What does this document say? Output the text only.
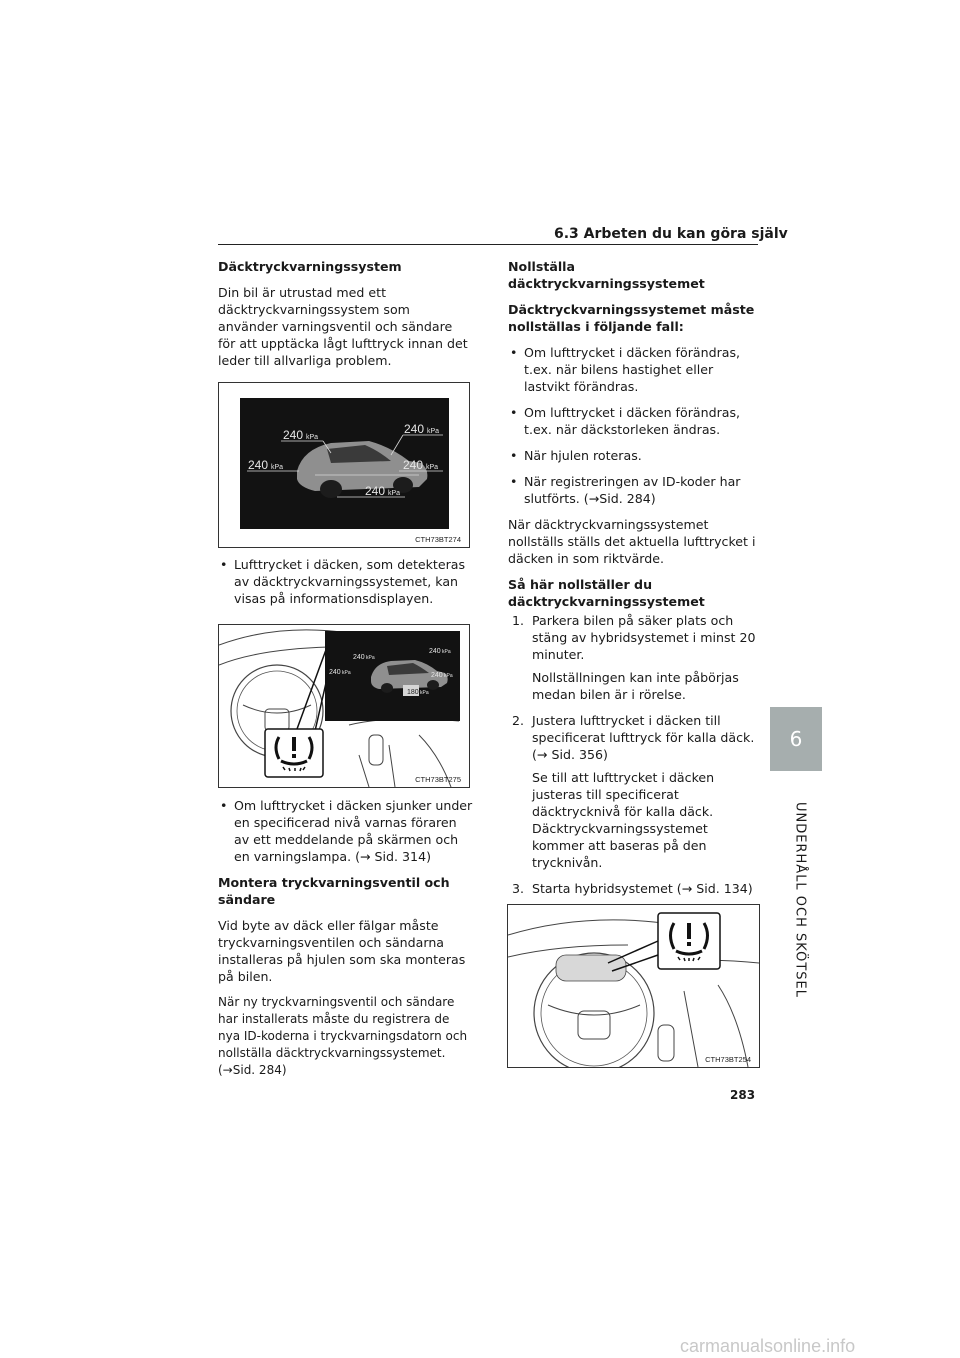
6.3 Arbeten du kan göra själv
Däcktryckvarningssystem

Din bil är utrustad med ett däcktryckvarningssystem som använder varningsventil och sändare för att upptäcka lågt lufttryck innan det leder till allvarliga problem.

240 kPa
240 kPa
240 kPa
240 kPa
240 kPa
CTH73BT274
• Lufttrycket i däcken, som detekteras av däcktryckvarningssystemet, kan visas på informationsdisplayen.
240 kPa
240 kPa
240 kPa
240 kPa
180 kPa
CTH73BT275
• Om lufttrycket i däcken sjunker under en specificerad nivå varnas föraren av ett meddelande på skärmen och en varningslampa. (→ Sid. 314)
Montera tryckvarningsventil och sändare

Vid byte av däck eller fälgar måste tryckvarningsventilen och sändarna installeras på hjulen som ska monteras på bilen.

När ny tryckvarningsventil och sändare har installerats måste du registrera de nya ID-koderna i tryckvarningsdatorn och nollställa däcktryckvarningssystemet. (→Sid. 284)

Nollställa däcktryckvarningssystemet
Däcktryckvarningssystemet måste nollställas i följande fall:
• Om lufttrycket i däcken förändras, t.ex. när bilens hastighet eller lastvikt förändras.
• Om lufttrycket i däcken förändras, t.ex. när däckstorleken ändras.
• När hjulen roteras.
• När registreringen av ID-koder har slutförts. (→Sid. 284)

När däcktryckvarningssystemet nollställs ställs det aktuella lufttrycket i däcken in som riktvärde.

Så här nollställer du däcktryckvarningssystemet
1. Parkera bilen på säker plats och stäng av hybridsystemet i minst 20 minuter.
Nollställningen kan inte påbörjas medan bilen är i rörelse.
2. Justera lufttrycket i däcken till specificerat lufttryck för kalla däck. (→ Sid. 356)
Se till att lufttrycket i däcken justeras till specificerat däcktrycknivå för kalla däck. Däcktryckvarningssystemet kommer att baseras på den trycknivån.
3. Starta hybridsystemet (→ Sid. 134)

CTH73BT254
6
UNDERHÅLL OCH SKÖTSEL
283
carmanualsonline.info
